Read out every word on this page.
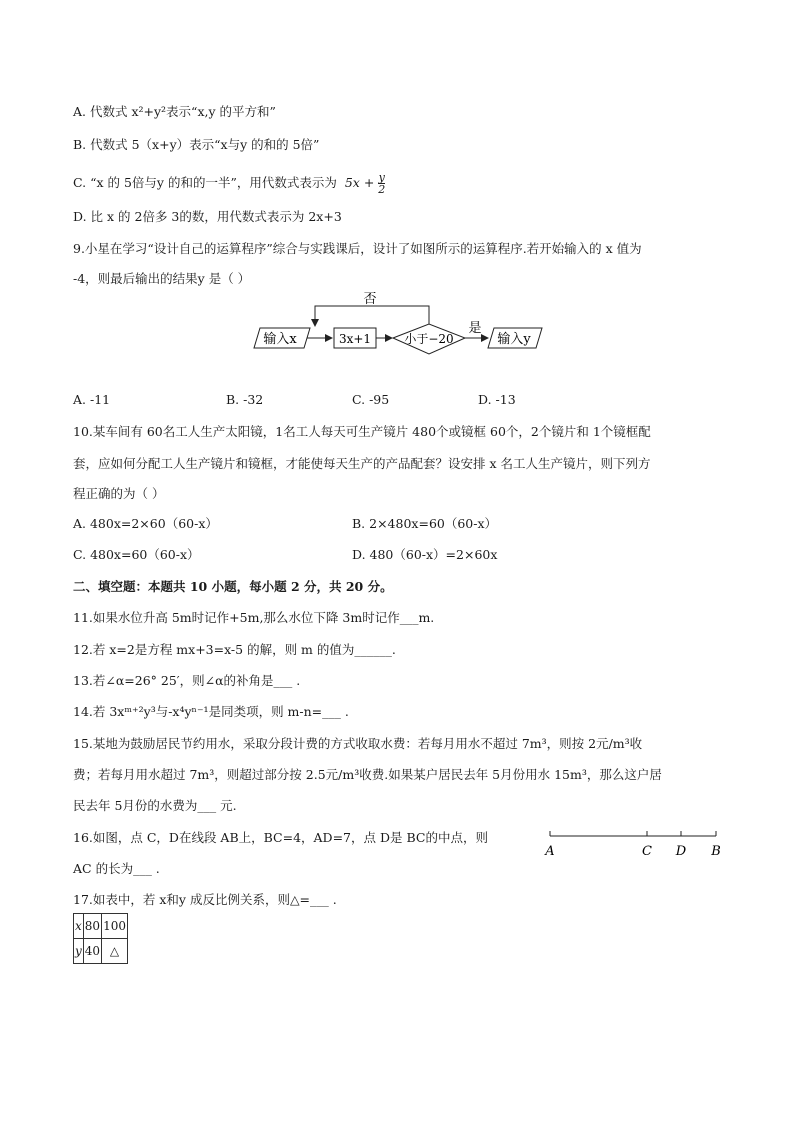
A. 代数式 x²+y²表示“x,y 的平方和”
B. 代数式 5（x+y）表示“x与y 的和的 5倍”
C. “x 的 5倍与y 的和的一半”，用代数式表示为 $5x + \frac{y}{2}$
D. 比 x 的 2倍多 3的数，用代数式表示为 2x+3
9.小星在学习“设计自己的运算程序”综合与实践课后，设计了如图所示的运算程序.若开始输入的 x 值为
-4，则最后输出的结果y 是（ ）
输入x	3x+1	小于−20
否
是
输入y
A. -11	B. -32	C. -95	D. -13
10.某车间有 60名工人生产太阳镜，1名工人每天可生产镜片 480个或镜框 60个，2个镜片和 1个镜框配
套，应如何分配工人生产镜片和镜框，才能使每天生产的产品配套？设安排 x 名工人生产镜片，则下列方
程正确的为（ ）
A. 480x=2×60（60-x）	B. 2×480x=60（60-x）
C. 480x=60（60-x）	D. 480（60-x）=2×60x
二、填空题：本题共 10 小题，每小题 2 分，共 20 分。
11.如果水位升高 5m时记作+5m,那么水位下降 3m时记作___m.
12.若 x=2是方程 mx+3=x-5 的解，则 m 的值为______.
13.若∠α=26° 25′，则∠α的补角是___ .
14.若 3xᵐ⁺²y³与-x⁴yⁿ⁻¹是同类项，则 m-n=___ .
15.某地为鼓励居民节约用水，采取分段计费的方式收取水费：若每月用水不超过 7m³，则按 2元/m³收
费；若每月用水超过 7m³，则超过部分按 2.5元/m³收费.如果某户居民去年 5月份用水 15m³，那么这户居
民去年 5月份的水费为___ 元.
16.如图，点 C，D在线段 AB上，BC=4，AD=7，点 D是 BC的中点，则
AC 的长为___ .
A	C D B
17.如表中，若 x和y 成反比例关系，则△=___ .
x	80	100
y	40	△
